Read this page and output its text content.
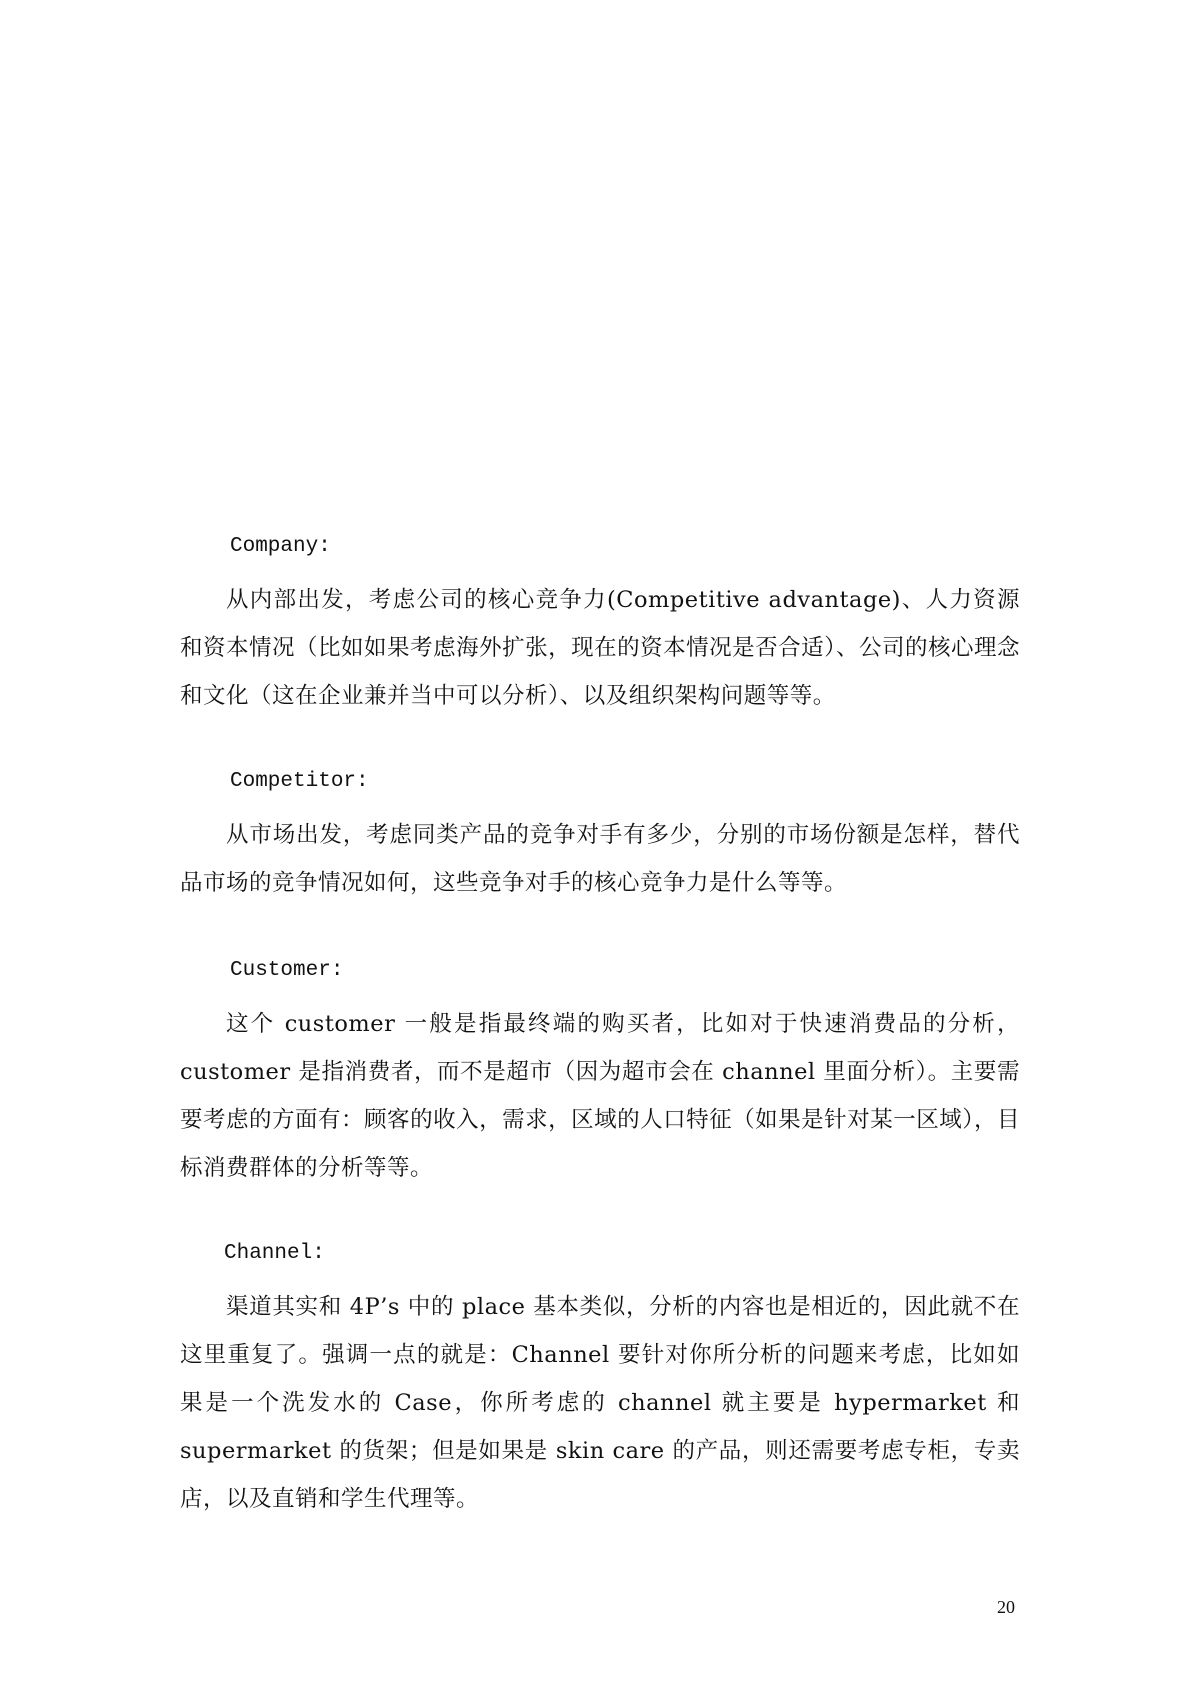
Company:

从内部出发，考虑公司的核心竞争力(Competitive advantage)、人力资源和资本情况（比如如果考虑海外扩张，现在的资本情况是否合适）、公司的核心理念和文化（这在企业兼并当中可以分析）、以及组织架构问题等等。

Competitor:

从市场出发，考虑同类产品的竞争对手有多少，分别的市场份额是怎样，替代品市场的竞争情况如何，这些竞争对手的核心竞争力是什么等等。

Customer:

这个 customer 一般是指最终端的购买者，比如对于快速消费品的分析，customer 是指消费者，而不是超市（因为超市会在 channel 里面分析）。主要需要考虑的方面有：顾客的收入，需求，区域的人口特征（如果是针对某一区域），目标消费群体的分析等等。

Channel:

渠道其实和 4P’s 中的 place 基本类似，分析的内容也是相近的，因此就不在这里重复了。强调一点的就是：Channel 要针对你所分析的问题来考虑，比如如果是一个洗发水的 Case，你所考虑的 channel 就主要是 hypermarket 和 supermarket 的货架；但是如果是 skin care 的产品，则还需要考虑专柜，专卖店，以及直销和学生代理等。

20
